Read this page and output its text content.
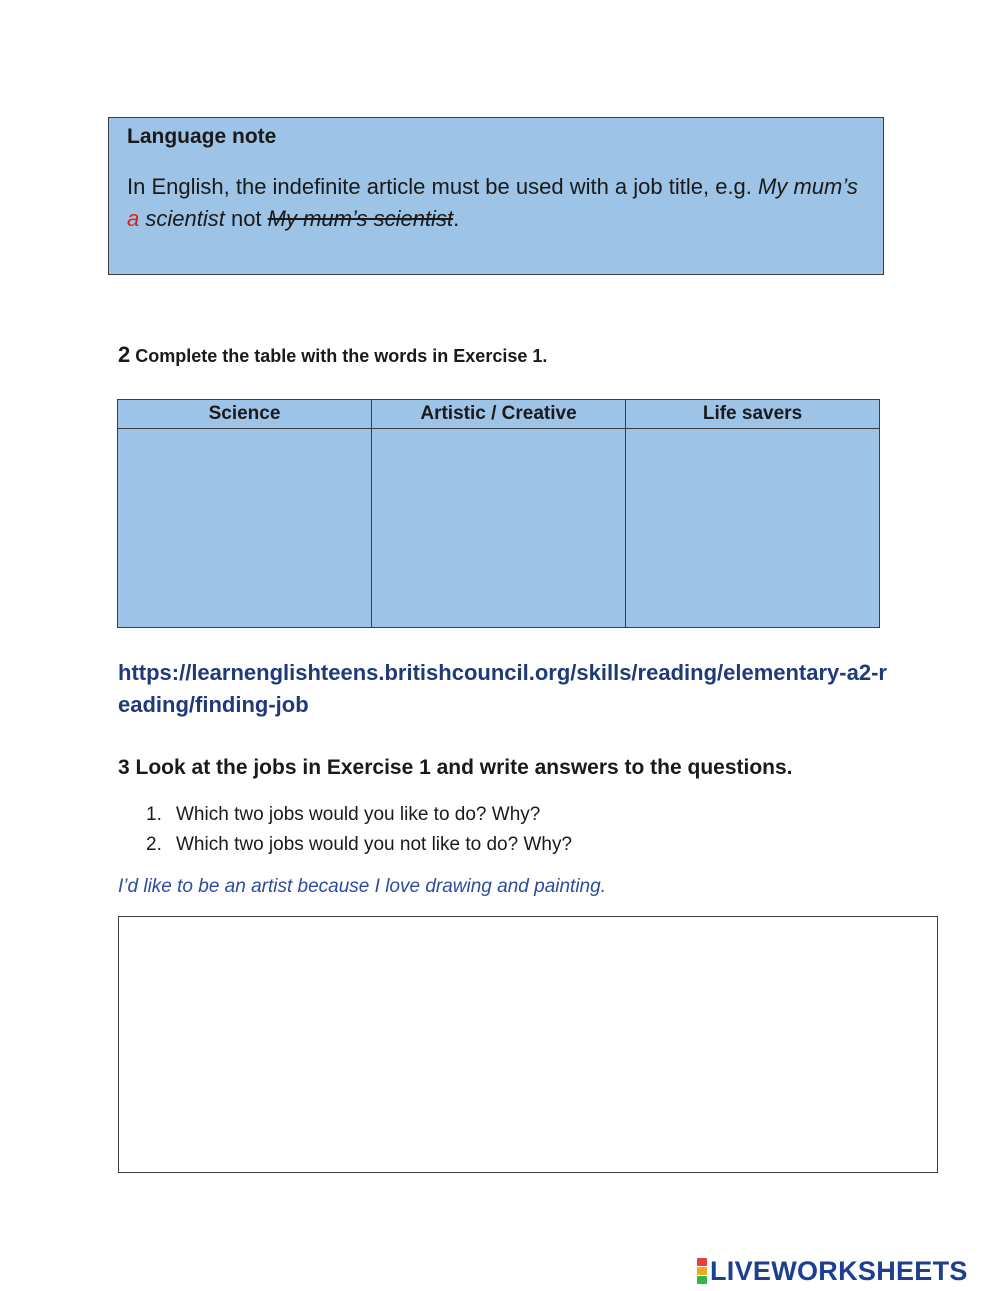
Language note

In English, the indefinite article must be used with a job title, e.g. My mum’s a scientist not My mum’s scientist.

2 Complete the table with the words in Exercise 1.

Science	Artistic / Creative	Life savers

https://learnenglishteens.britishcouncil.org/skills/reading/elementary-a2-reading/finding-job

3 Look at the jobs in Exercise 1 and write answers to the questions.

1. Which two jobs would you like to do? Why?
2. Which two jobs would you not like to do? Why?

I’d like to be an artist because I love drawing and painting.

LIVEWORKSHEETS
